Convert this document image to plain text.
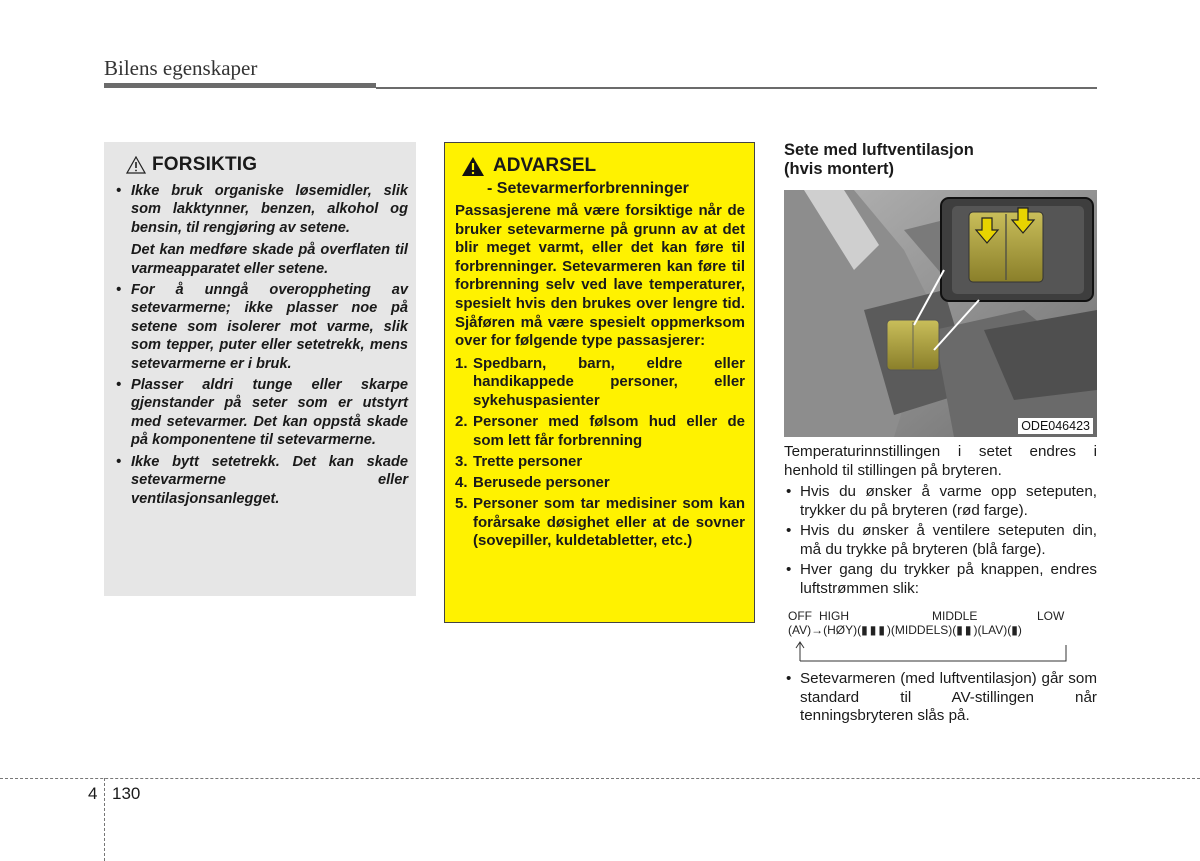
Bilens egenskaper
FORSIKTIG
• Ikke bruk organiske løsemidler, slik som lakktynner, benzen, alkohol og bensin, til rengjøring av setene.
Det kan medføre skade på overflaten til varmeapparatet eller setene.
• For å unngå overoppheting av setevarmerne; ikke plasser noe på setene som isolerer mot varme, slik som tepper, puter eller setetrekk, mens setevarmerne er i bruk.
• Plasser aldri tunge eller skarpe gjenstander på seter som er utstyrt med setevarmer. Det kan oppstå skade på komponentene til setevarmerne.
• Ikke bytt setetrekk. Det kan skade setevarmerne eller ventilasjonsanlegget.
ADVARSEL
- Setevarmerforbrenninger
Passasjerene må være forsiktige når de bruker setevarmerne på grunn av at det blir meget varmt, eller det kan føre til forbrenninger. Setevarmeren kan føre til forbrenning selv ved lave temperaturer, spesielt hvis den brukes over lengre tid. Sjåføren må være spesielt oppmerksom over for følgende type passasjerer:
1. Spedbarn, barn, eldre eller handikappede personer, eller sykehuspasienter
2. Personer med følsom hud eller de som lett får forbrenning
3. Trette personer
4. Berusede personer
5. Personer som tar medisiner som kan forårsake døsighet eller at de sovner (sovepiller, kuldetabletter, etc.)
Sete med luftventilasjon
(hvis montert)
ODE046423
Temperaturinnstillingen i setet endres i henhold til stillingen på bryteren.
• Hvis du ønsker å varme opp seteputen, trykker du på bryteren (rød farge).
• Hvis du ønsker å ventilere seteputen din, må du trykke på bryteren (blå farge).
• Hver gang du trykker på knappen, endres luftstrømmen slik:
OFF HIGH	MIDDLE	LOW
(AV)→(HØY)(▮▮▮)(MIDDELS)(▮▮)(LAV)(▮)
• Setevarmeren (med luftventilasjon) går som standard til AV-stillingen når tenningsbryteren slås på.
4 130
